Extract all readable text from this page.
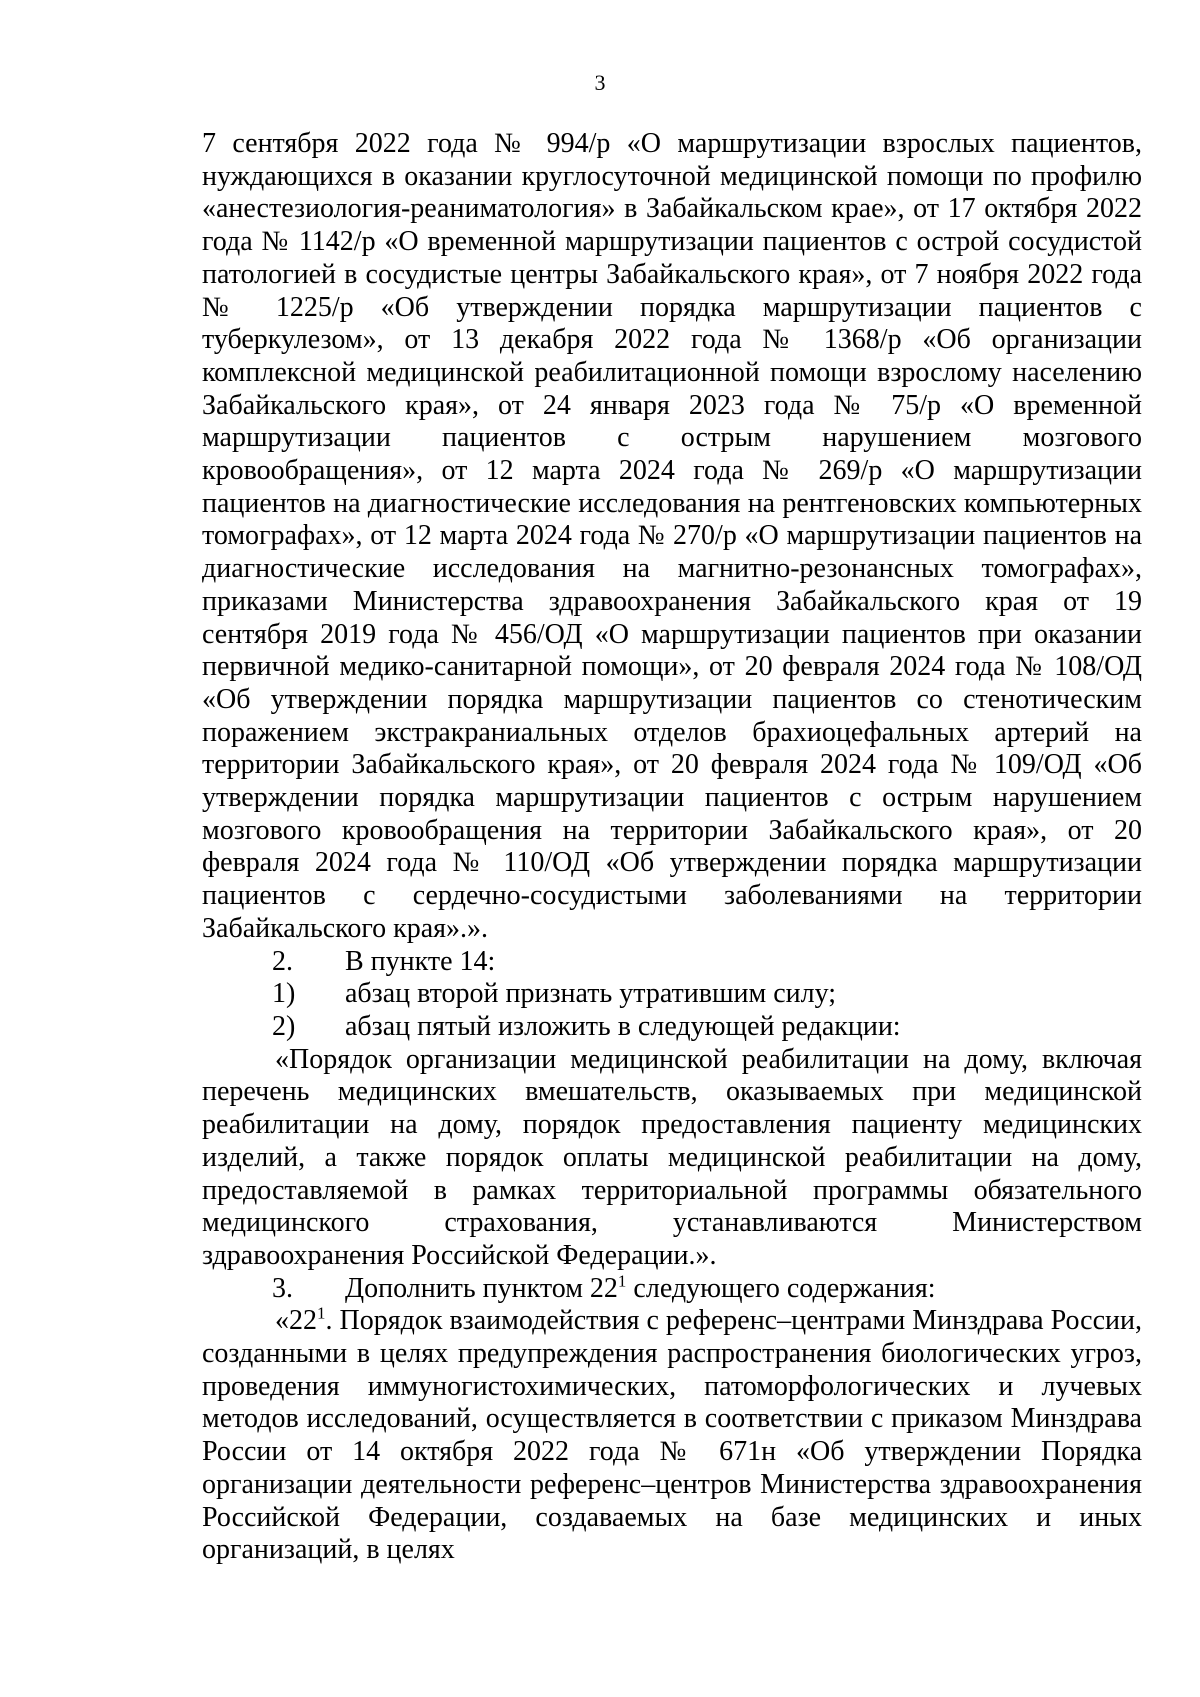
3

7 сентября 2022 года № 994/р «О маршрутизации взрослых пациентов, нуждающихся в оказании круглосуточной медицинской помощи по профилю «анестезиология-реаниматология» в Забайкальском крае», от 17 октября 2022 года № 1142/р «О временной маршрутизации пациентов с острой сосудистой патологией в сосудистые центры Забайкальского края», от 7 ноября 2022 года № 1225/р «Об утверждении порядка маршрутизации пациентов с туберкулезом», от 13 декабря 2022 года № 1368/р «Об организации комплексной медицинской реабилитационной помощи взрослому населению Забайкальского края», от 24 января 2023 года № 75/р «О временной маршрутизации пациентов с острым нарушением мозгового кровообращения», от 12 марта 2024 года № 269/р «О маршрутизации пациентов на диагностические исследования на рентгеновских компьютерных томографах», от 12 марта 2024 года № 270/р «О маршрутизации пациентов на диагностические исследования на магнитно-резонансных томографах», приказами Министерства здравоохранения Забайкальского края от 19 сентября 2019 года № 456/ОД «О маршрутизации пациентов при оказании первичной медико-санитарной помощи», от 20 февраля 2024 года № 108/ОД «Об утверждении порядка маршрутизации пациентов со стенотическим поражением экстракраниальных отделов брахиоцефальных артерий на территории Забайкальского края», от 20 февраля 2024 года № 109/ОД «Об утверждении порядка маршрутизации пациентов с острым нарушением мозгового кровообращения на территории Забайкальского края», от 20 февраля 2024 года № 110/ОД «Об утверждении порядка маршрутизации пациентов с сердечно-сосудистыми заболеваниями на территории Забайкальского края».».

2.	В пункте 14:
1)	абзац второй признать утратившим силу;
2)	абзац пятый изложить в следующей редакции:

«Порядок организации медицинской реабилитации на дому, включая перечень медицинских вмешательств, оказываемых при медицинской реабилитации на дому, порядок предоставления пациенту медицинских изделий, а также порядок оплаты медицинской реабилитации на дому, предоставляемой в рамках территориальной программы обязательного медицинского страхования, устанавливаются Министерством здравоохранения Российской Федерации.».

3.	Дополнить пунктом $22^1$ следующего содержания:

«$22^1$. Порядок взаимодействия с референс–центрами Минздрава России, созданными в целях предупреждения распространения биологических угроз, проведения иммуногистохимических, патоморфологических и лучевых методов исследований, осуществляется в соответствии с приказом Минздрава России от 14 октября 2022 года № 671н «Об утверждении Порядка организации деятельности референс–центров Министерства здравоохранения Российской Федерации, создаваемых на базе медицинских и иных организаций, в целях
